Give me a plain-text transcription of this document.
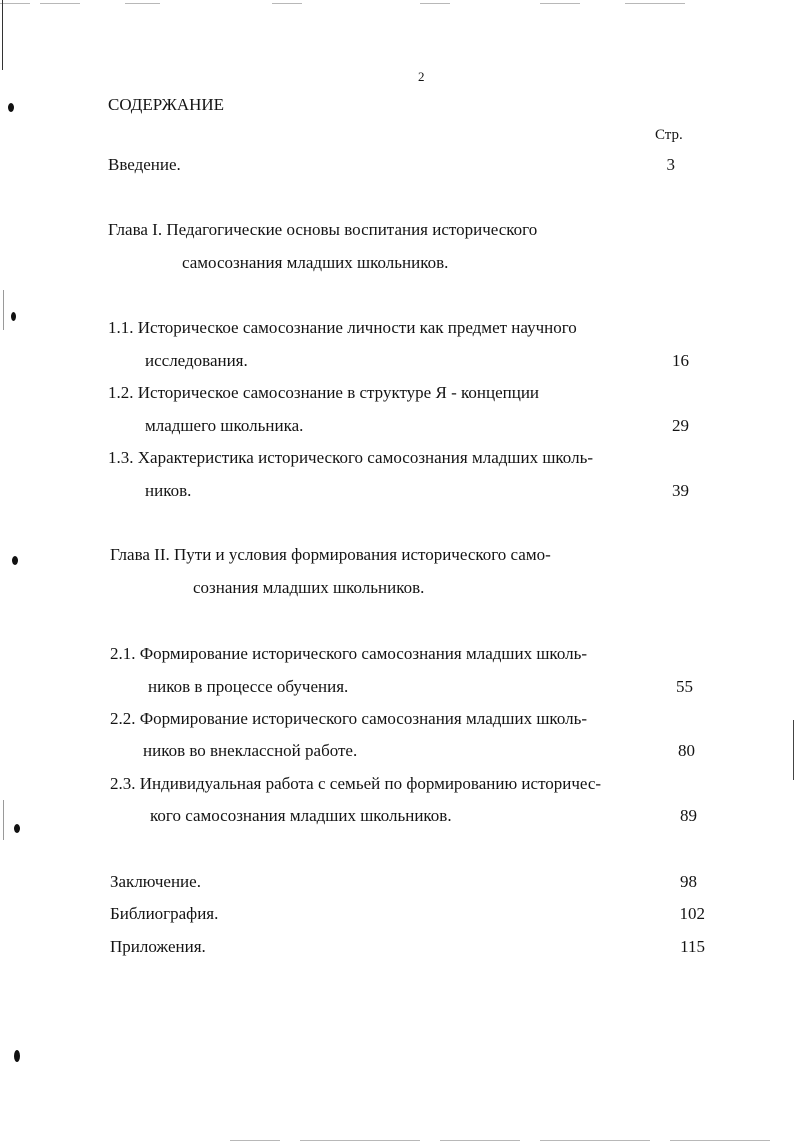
2
СОДЕРЖАНИЕ
Стр.
Введение.	3
Глава I. Педагогические основы воспитания исторического
самосознания младших школьников.
1.1. Историческое самосознание личности как предмет научного
исследования.	16
1.2. Историческое самосознание в структуре Я - концепции
младшего школьника.	29
1.3. Характеристика исторического самосознания младших школь-
ников.	39
Глава II. Пути и условия формирования исторического само-
сознания младших школьников.
2.1. Формирование исторического самосознания младших школь-
ников в процессе обучения.	55
2.2. Формирование исторического самосознания младших школь-
ников во внеклассной работе.	80
2.3. Индивидуальная работа с семьей по формированию историчес-
кого самосознания младших школьников.	89
Заключение.	98
Библиография.	102
Приложения.	115
